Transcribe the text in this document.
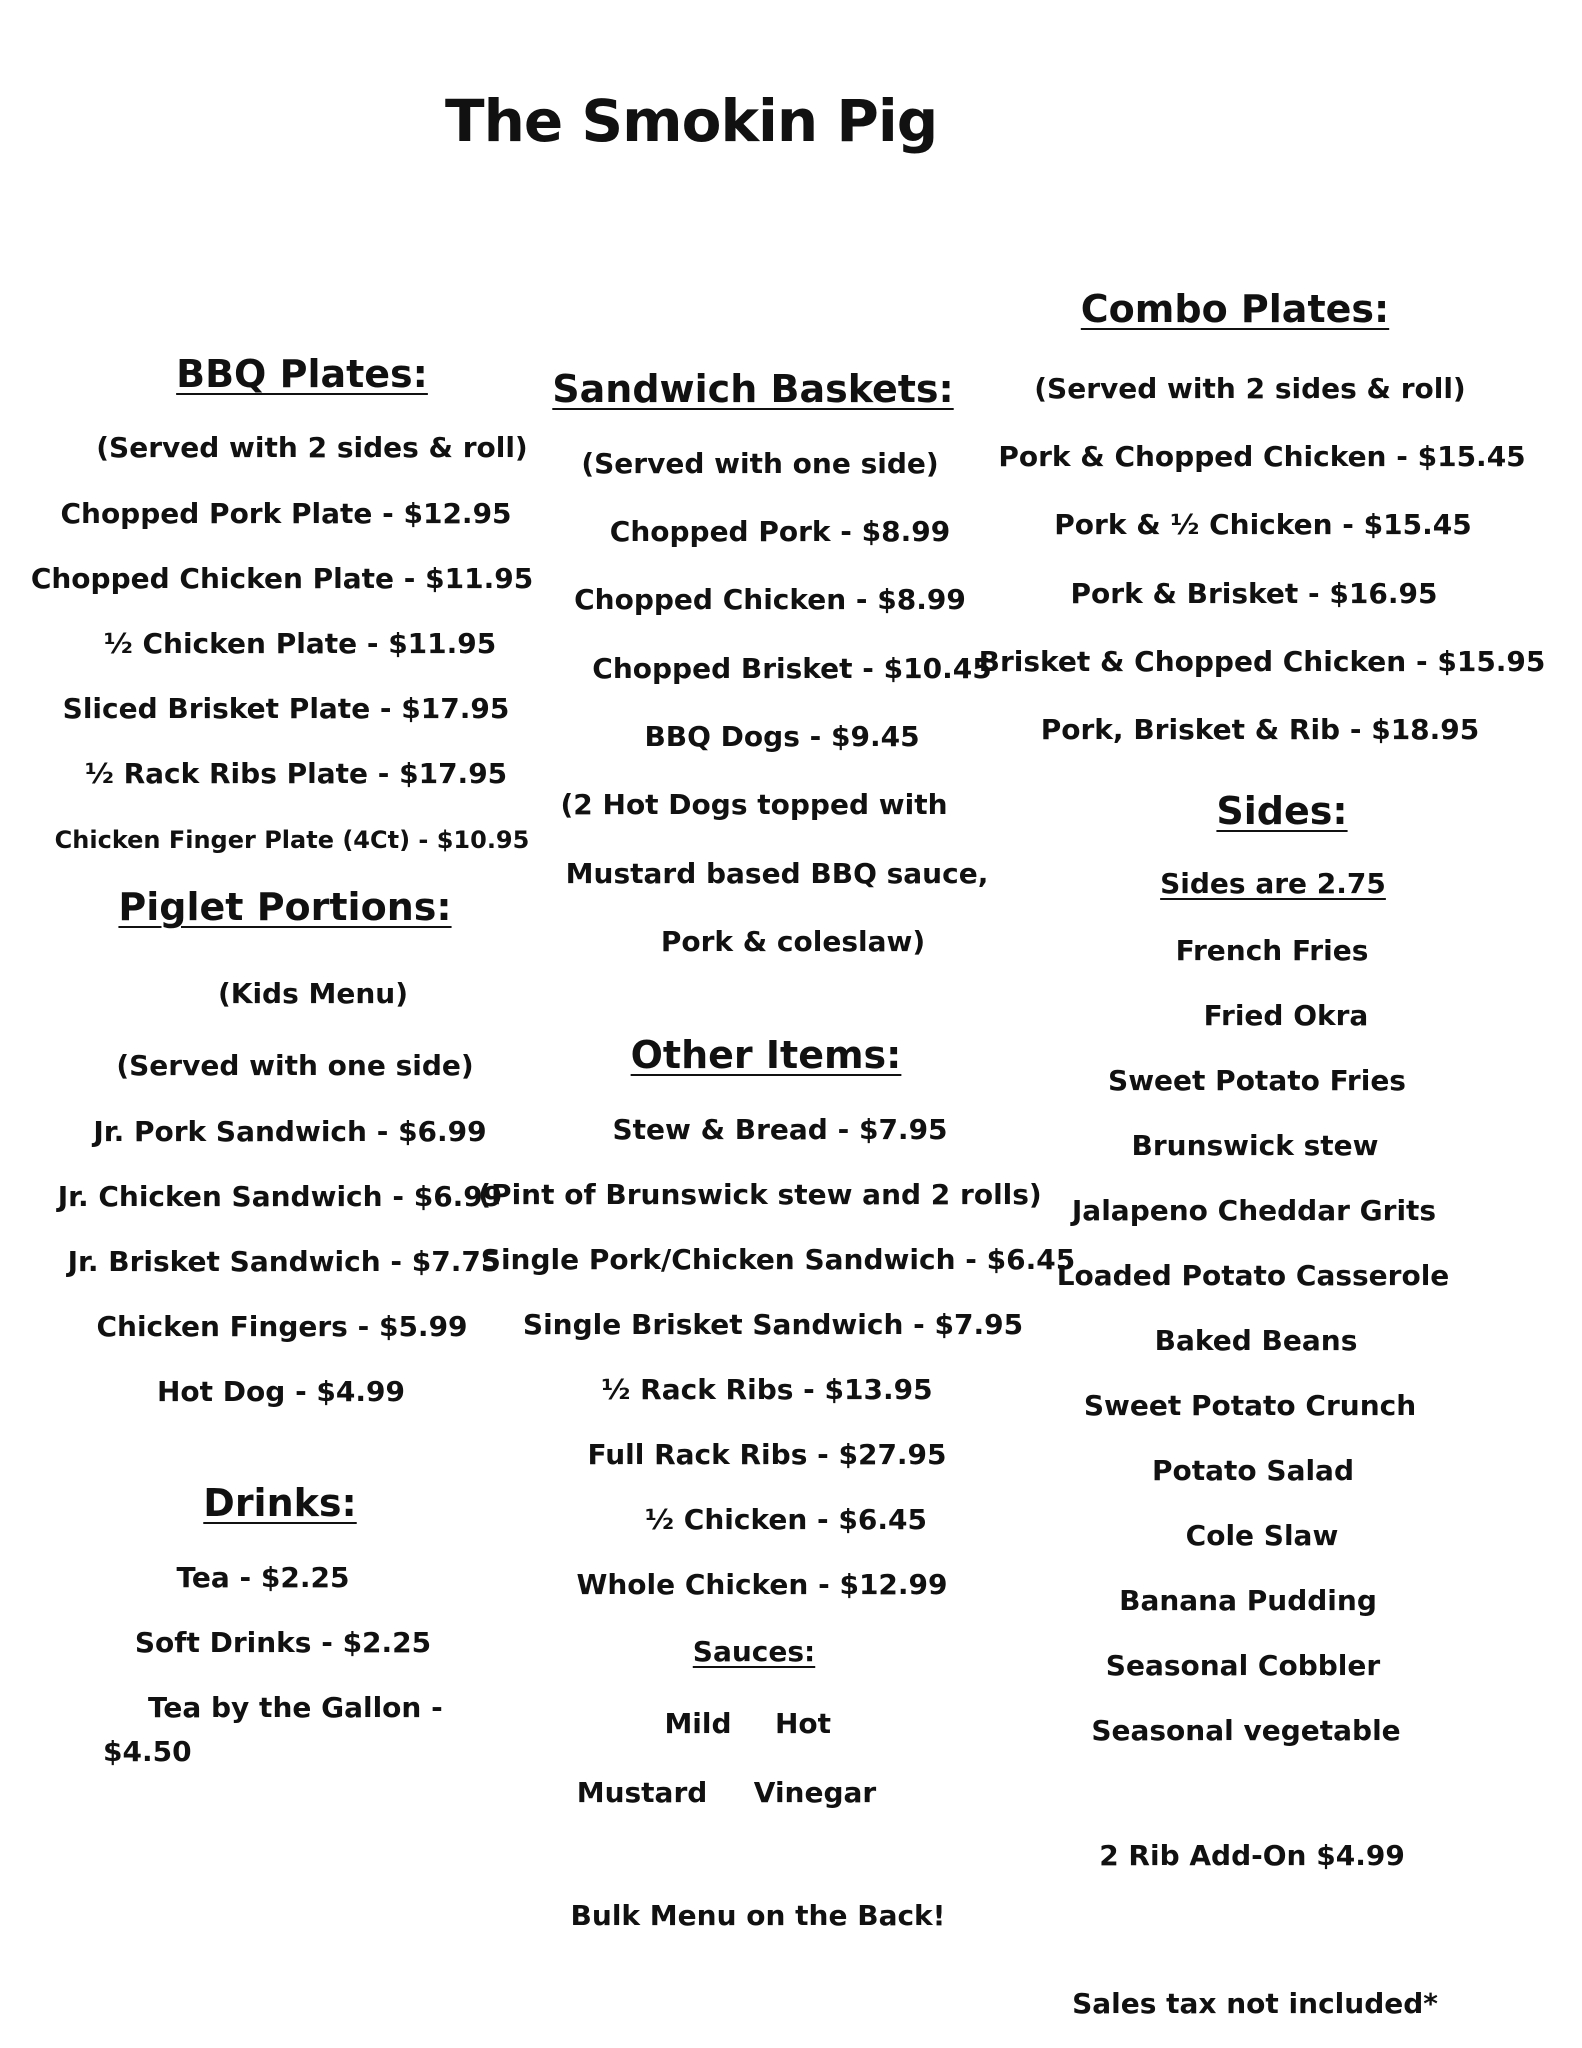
The Smokin Pig
BBQ Plates:
(Served with 2 sides & roll)
Chopped Pork Plate - $12.95
Chopped Chicken Plate - $11.95
½ Chicken Plate - $11.95
Sliced Brisket Plate - $17.95
½ Rack Ribs Plate - $17.95
Chicken Finger Plate (4Ct) - $10.95
Piglet Portions:
(Kids Menu)
(Served with one side)
Jr. Pork Sandwich - $6.99
Jr. Chicken Sandwich - $6.99
Jr. Brisket Sandwich - $7.75
Chicken Fingers - $5.99
Hot Dog - $4.99
Drinks:
Tea - $2.25
Soft Drinks - $2.25
Tea by the Gallon -
$4.50
Sandwich Baskets:
(Served with one side)
Chopped Pork - $8.99
Chopped Chicken - $8.99
Chopped Brisket - $10.45
BBQ Dogs - $9.45
(2 Hot Dogs topped with
Mustard based BBQ sauce,
Pork & coleslaw)
Other Items:
Stew & Bread - $7.95
(Pint of Brunswick stew and 2 rolls)
Single Pork/Chicken Sandwich - $6.45
Single Brisket Sandwich - $7.95
½ Rack Ribs - $13.95
Full Rack Ribs - $27.95
½ Chicken - $6.45
Whole Chicken - $12.99
Sauces:
Mild Hot
Mustard Vinegar
Bulk Menu on the Back!
Combo Plates:
(Served with 2 sides & roll)
Pork & Chopped Chicken - $15.45
Pork & ½ Chicken - $15.45
Pork & Brisket - $16.95
Brisket & Chopped Chicken - $15.95
Pork, Brisket & Rib - $18.95
Sides:
Sides are 2.75
French Fries
Fried Okra
Sweet Potato Fries
Brunswick stew
Jalapeno Cheddar Grits
Loaded Potato Casserole
Baked Beans
Sweet Potato Crunch
Potato Salad
Cole Slaw
Banana Pudding
Seasonal Cobbler
Seasonal vegetable
2 Rib Add-On $4.99
Sales tax not included*
